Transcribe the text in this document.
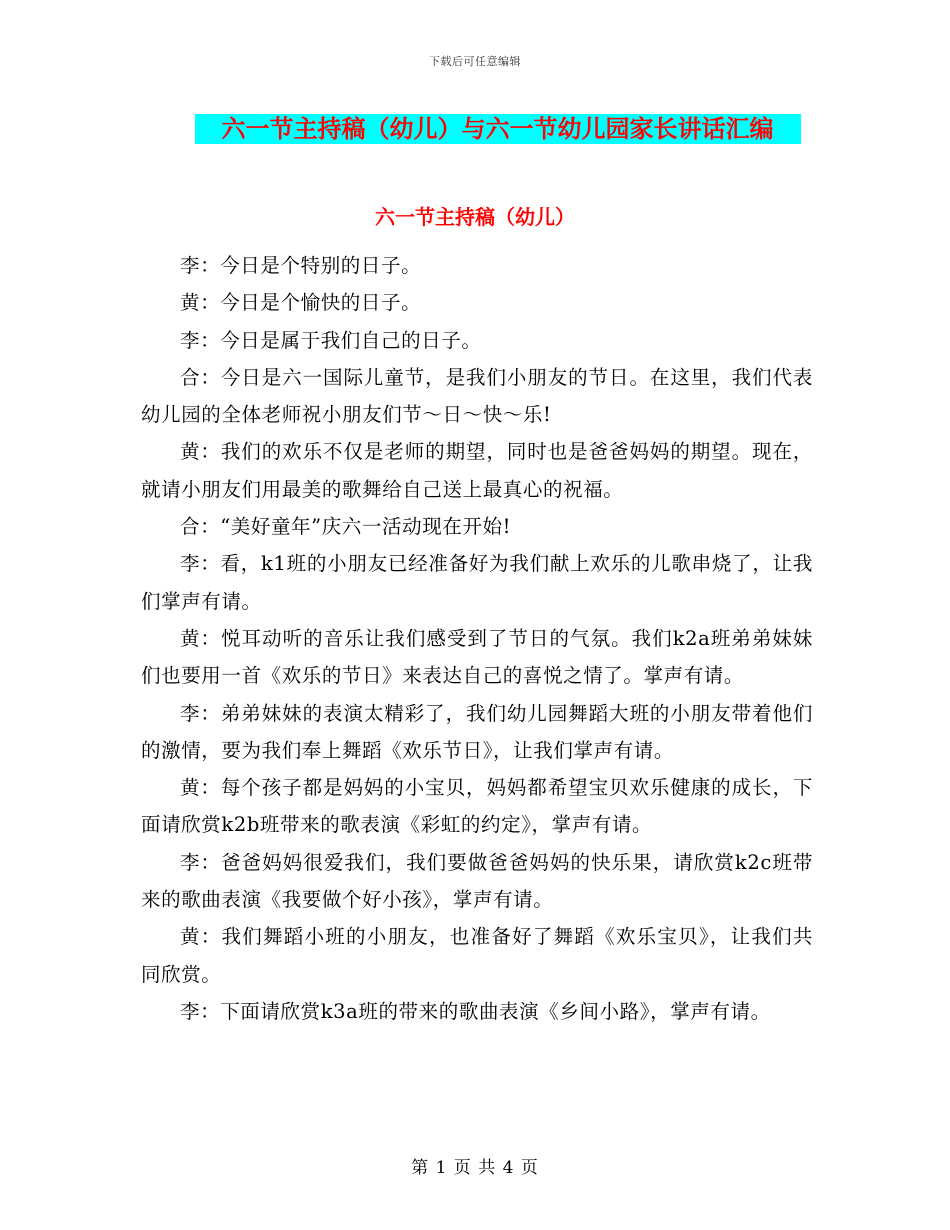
下载后可任意编辑
六一节主持稿（幼儿）与六一节幼儿园家长讲话汇编
六一节主持稿（幼儿）

李：今日是个特别的日子。

黄：今日是个愉快的日子。

李：今日是属于我们自己的日子。

合：今日是六一国际儿童节，是我们小朋友的节日。在这里，我们代表幼儿园的全体老师祝小朋友们节～日～快～乐!

黄：我们的欢乐不仅是老师的期望，同时也是爸爸妈妈的期望。现在，就请小朋友们用最美的歌舞给自己送上最真心的祝福。

合：“美好童年”庆六一活动现在开始!

李：看，k1班的小朋友已经准备好为我们献上欢乐的儿歌串烧了，让我们掌声有请。

黄：悦耳动听的音乐让我们感受到了节日的气氛。我们k2a班弟弟妹妹们也要用一首《欢乐的节日》来表达自己的喜悦之情了。掌声有请。

李：弟弟妹妹的表演太精彩了，我们幼儿园舞蹈大班的小朋友带着他们的激情，要为我们奉上舞蹈《欢乐节日》，让我们掌声有请。

黄：每个孩子都是妈妈的小宝贝，妈妈都希望宝贝欢乐健康的成长，下面请欣赏k2b班带来的歌表演《彩虹的约定》，掌声有请。

李：爸爸妈妈很爱我们，我们要做爸爸妈妈的快乐果，请欣赏k2c班带来的歌曲表演《我要做个好小孩》，掌声有请。

黄：我们舞蹈小班的小朋友，也准备好了舞蹈《欢乐宝贝》，让我们共同欣赏。

李：下面请欣赏k3a班的带来的歌曲表演《乡间小路》，掌声有请。

第 1 页 共 4 页
